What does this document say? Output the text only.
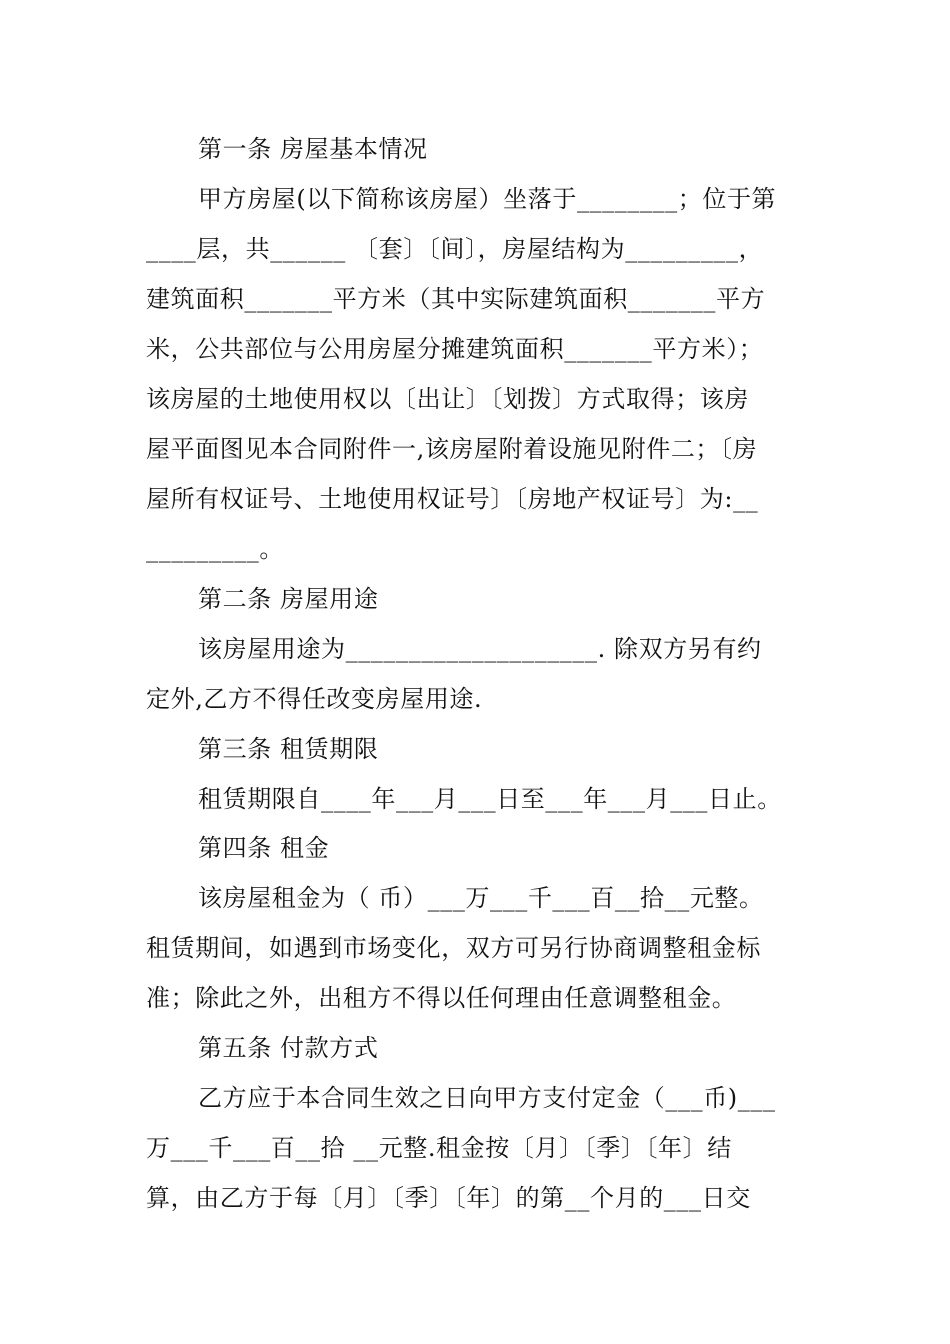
第一条 房屋基本情况
甲方房屋(以下简称该房屋）坐落于________；位于第
____层，共______ 〔套〕〔间〕，房屋结构为_________，
建筑面积_______平方米（其中实际建筑面积_______平方
米，公共部位与公用房屋分摊建筑面积_______平方米）；
该房屋的土地使用权以〔出让〕〔划拨〕方式取得；该房
屋平面图见本合同附件一,该房屋附着设施见附件二；〔房
屋所有权证号、土地使用权证号〕〔房地产权证号〕为:__
_________。
第二条 房屋用途
该房屋用途为____________________. 除双方另有约
定外,乙方不得任改变房屋用途.
第三条 租赁期限
租赁期限自____年___月___日至___年___月___日止。
第四条 租金
该房屋租金为（ 币）___万___千___百__拾__元整。
租赁期间，如遇到市场变化，双方可另行协商调整租金标
准；除此之外，出租方不得以任何理由任意调整租金。
第五条 付款方式
乙方应于本合同生效之日向甲方支付定金（___币)___
万___千___百__拾 __元整.租金按〔月〕〔季〕〔年〕结
算，由乙方于每〔月〕〔季〕〔年〕的第__个月的___日交
